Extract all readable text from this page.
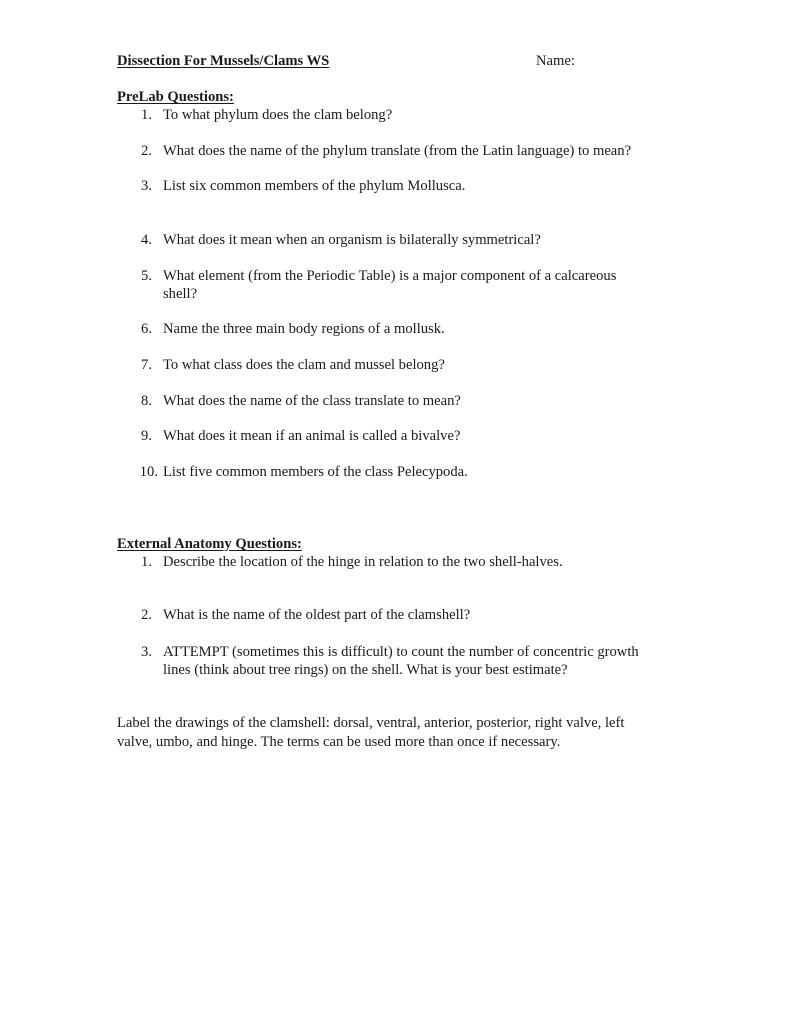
Dissection For Mussels/Clams WS	Name:
PreLab Questions:
1. To what phylum does the clam belong?
2. What does the name of the phylum translate (from the Latin language) to mean?
3. List six common members of the phylum Mollusca.
4. What does it mean when an organism is bilaterally symmetrical?
5. What element (from the Periodic Table) is a major component of a calcareous
shell?
6. Name the three main body regions of a mollusk.
7. To what class does the clam and mussel belong?
8. What does the name of the class translate to mean?
9. What does it mean if an animal is called a bivalve?
10. List five common members of the class Pelecypoda.
External Anatomy Questions:
1. Describe the location of the hinge in relation to the two shell-halves.
2. What is the name of the oldest part of the clamshell?
3. ATTEMPT (sometimes this is difficult) to count the number of concentric growth
lines (think about tree rings) on the shell. What is your best estimate?
Label the drawings of the clamshell: dorsal, ventral, anterior, posterior, right valve, left
valve, umbo, and hinge. The terms can be used more than once if necessary.
